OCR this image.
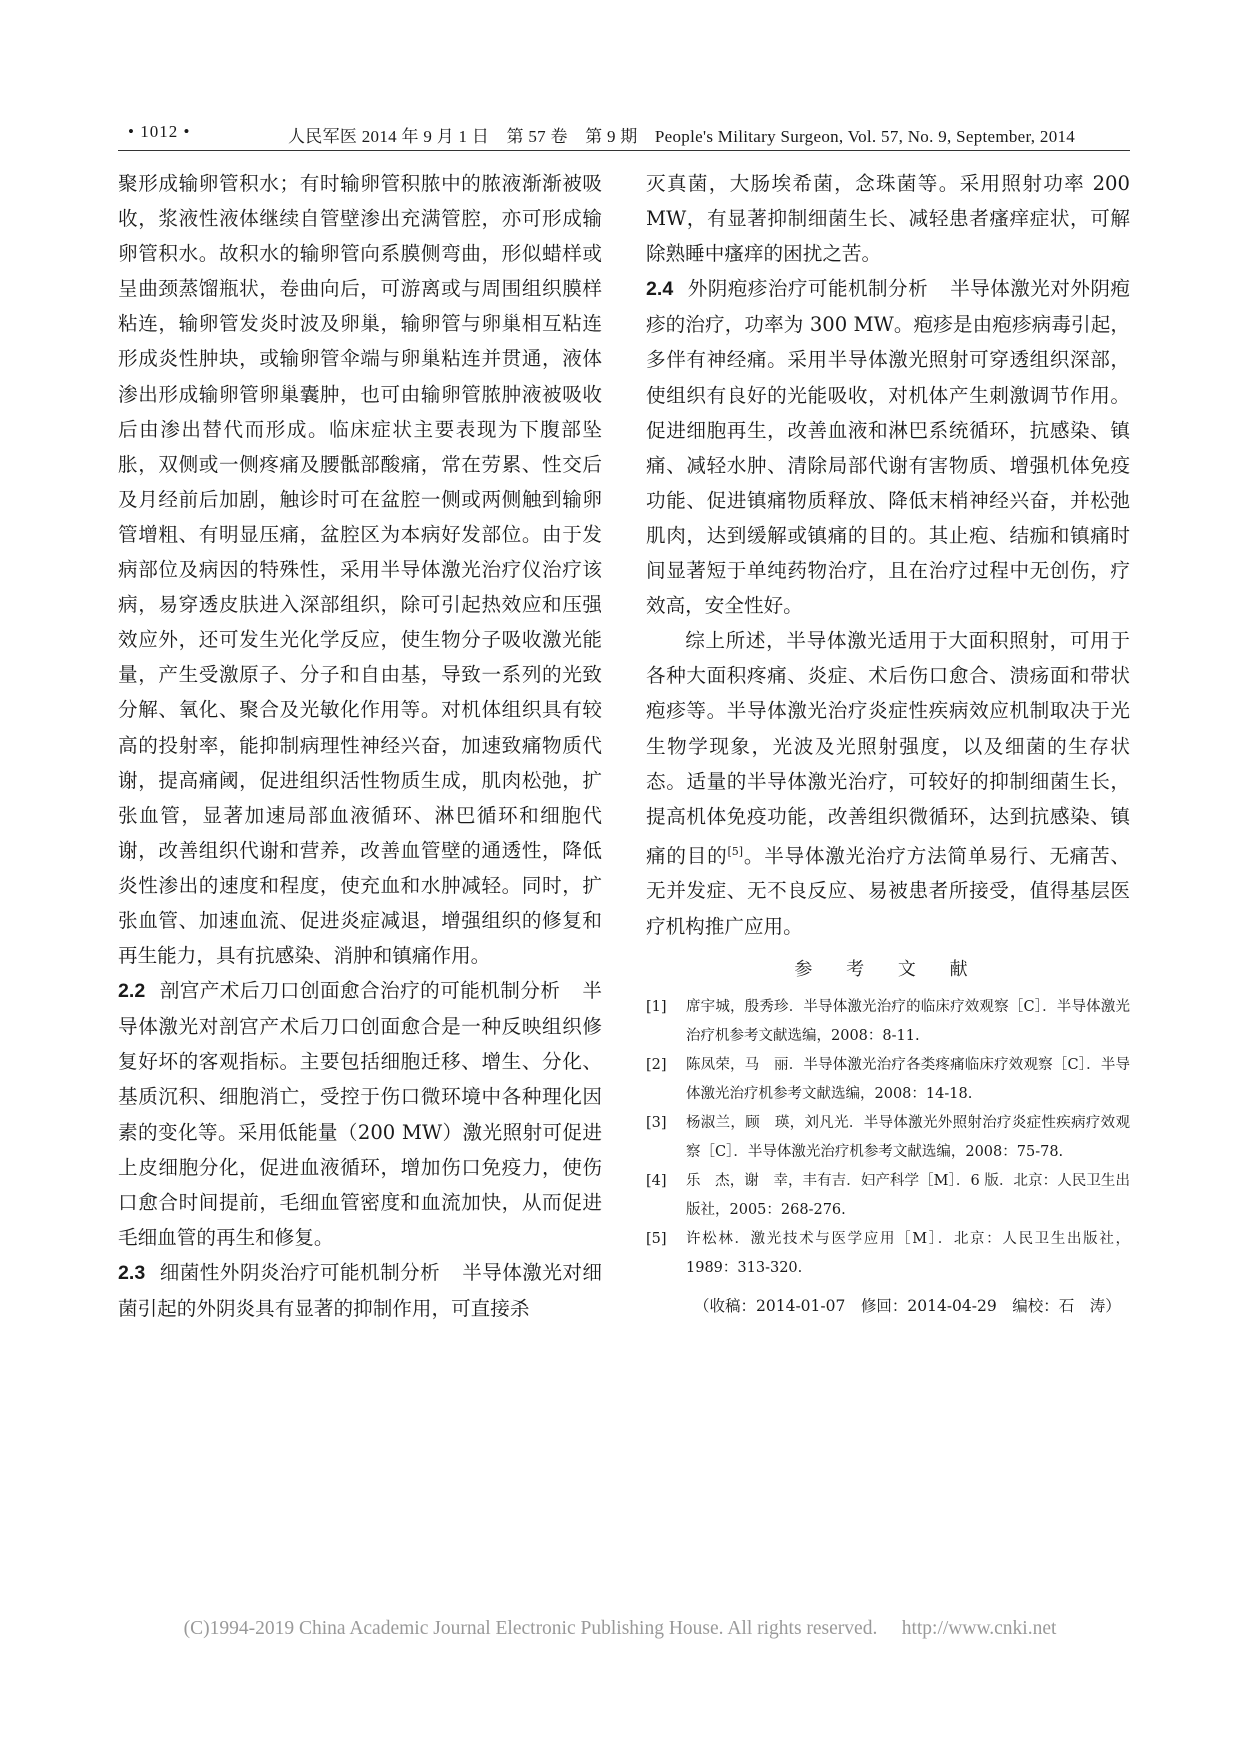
• 1012 •	人民军医 2014 年 9 月 1 日　第 57 卷　第 9 期　People's Military Surgeon, Vol. 57, No. 9, September, 2014

聚形成输卵管积水；有时输卵管积脓中的脓液渐渐被吸收，浆液性液体继续自管壁渗出充满管腔，亦可形成输卵管积水。故积水的输卵管向系膜侧弯曲，形似蜡样或呈曲颈蒸馏瓶状，卷曲向后，可游离或与周围组织膜样粘连，输卵管发炎时波及卵巢，输卵管与卵巢相互粘连形成炎性肿块，或输卵管伞端与卵巢粘连并贯通，液体渗出形成输卵管卵巢囊肿，也可由输卵管脓肿液被吸收后由渗出替代而形成。临床症状主要表现为下腹部坠胀，双侧或一侧疼痛及腰骶部酸痛，常在劳累、性交后及月经前后加剧，触诊时可在盆腔一侧或两侧触到输卵管增粗、有明显压痛，盆腔区为本病好发部位。由于发病部位及病因的特殊性，采用半导体激光治疗仪治疗该病，易穿透皮肤进入深部组织，除可引起热效应和压强效应外，还可发生光化学反应，使生物分子吸收激光能量，产生受激原子、分子和自由基，导致一系列的光致分解、氧化、聚合及光敏化作用等。对机体组织具有较高的投射率，能抑制病理性神经兴奋，加速致痛物质代谢，提高痛阈，促进组织活性物质生成，肌肉松弛，扩张血管，显著加速局部血液循环、淋巴循环和细胞代谢，改善组织代谢和营养，改善血管壁的通透性，降低炎性渗出的速度和程度，使充血和水肿减轻。同时，扩张血管、加速血流、促进炎症减退，增强组织的修复和再生能力，具有抗感染、消肿和镇痛作用。

2.2 剖宫产术后刀口创面愈合治疗的可能机制分析 半导体激光对剖宫产术后刀口创面愈合是一种反映组织修复好坏的客观指标。主要包括细胞迁移、增生、分化、基质沉积、细胞消亡，受控于伤口微环境中各种理化因素的变化等。采用低能量（200 MW）激光照射可促进上皮细胞分化，促进血液循环，增加伤口免疫力，使伤口愈合时间提前，毛细血管密度和血流加快，从而促进毛细血管的再生和修复。

2.3 细菌性外阴炎治疗可能机制分析 半导体激光对细菌引起的外阴炎具有显著的抑制作用，可直接杀

灭真菌，大肠埃希菌，念珠菌等。采用照射功率 200 MW，有显著抑制细菌生长、减轻患者瘙痒症状，可解除熟睡中瘙痒的困扰之苦。

2.4 外阴疱疹治疗可能机制分析 半导体激光对外阴疱疹的治疗，功率为 300 MW。疱疹是由疱疹病毒引起，多伴有神经痛。采用半导体激光照射可穿透组织深部，使组织有良好的光能吸收，对机体产生刺激调节作用。促进细胞再生，改善血液和淋巴系统循环，抗感染、镇痛、减轻水肿、清除局部代谢有害物质、增强机体免疫功能、促进镇痛物质释放、降低末梢神经兴奋，并松弛肌肉，达到缓解或镇痛的目的。其止疱、结痂和镇痛时间显著短于单纯药物治疗，且在治疗过程中无创伤，疗效高，安全性好。

综上所述，半导体激光适用于大面积照射，可用于各种大面积疼痛、炎症、术后伤口愈合、溃疡面和带状疱疹等。半导体激光治疗炎症性疾病效应机制取决于光生物学现象，光波及光照射强度，以及细菌的生存状态。适量的半导体激光治疗，可较好的抑制细菌生长，提高机体免疫功能，改善组织微循环，达到抗感染、镇痛的目的[5]。半导体激光治疗方法简单易行、无痛苦、无并发症、无不良反应、易被患者所接受，值得基层医疗机构推广应用。

参 考 文 献
[1]	席宇城，殷秀珍．半导体激光治疗的临床疗效观察［C］．半导体激光治疗机参考文献选编，2008：8-11.
[2]	陈凤荣，马　丽．半导体激光治疗各类疼痛临床疗效观察［C］．半导体激光治疗机参考文献选编，2008：14-18.
[3]	杨淑兰，顾　瑛，刘凡光．半导体激光外照射治疗炎症性疾病疗效观察［C］．半导体激光治疗机参考文献选编，2008：75-78.
[4]	乐　杰，谢　幸，丰有吉．妇产科学［M］．6 版．北京：人民卫生出版社，2005：268-276.
[5]	许松林．激光技术与医学应用［M］．北京：人民卫生出版社，1989：313-320.
（收稿：2014-01-07　修回：2014-04-29　编校：石　涛）
(C)1994-2019 China Academic Journal Electronic Publishing House. All rights reserved.　 http://www.cnki.net
